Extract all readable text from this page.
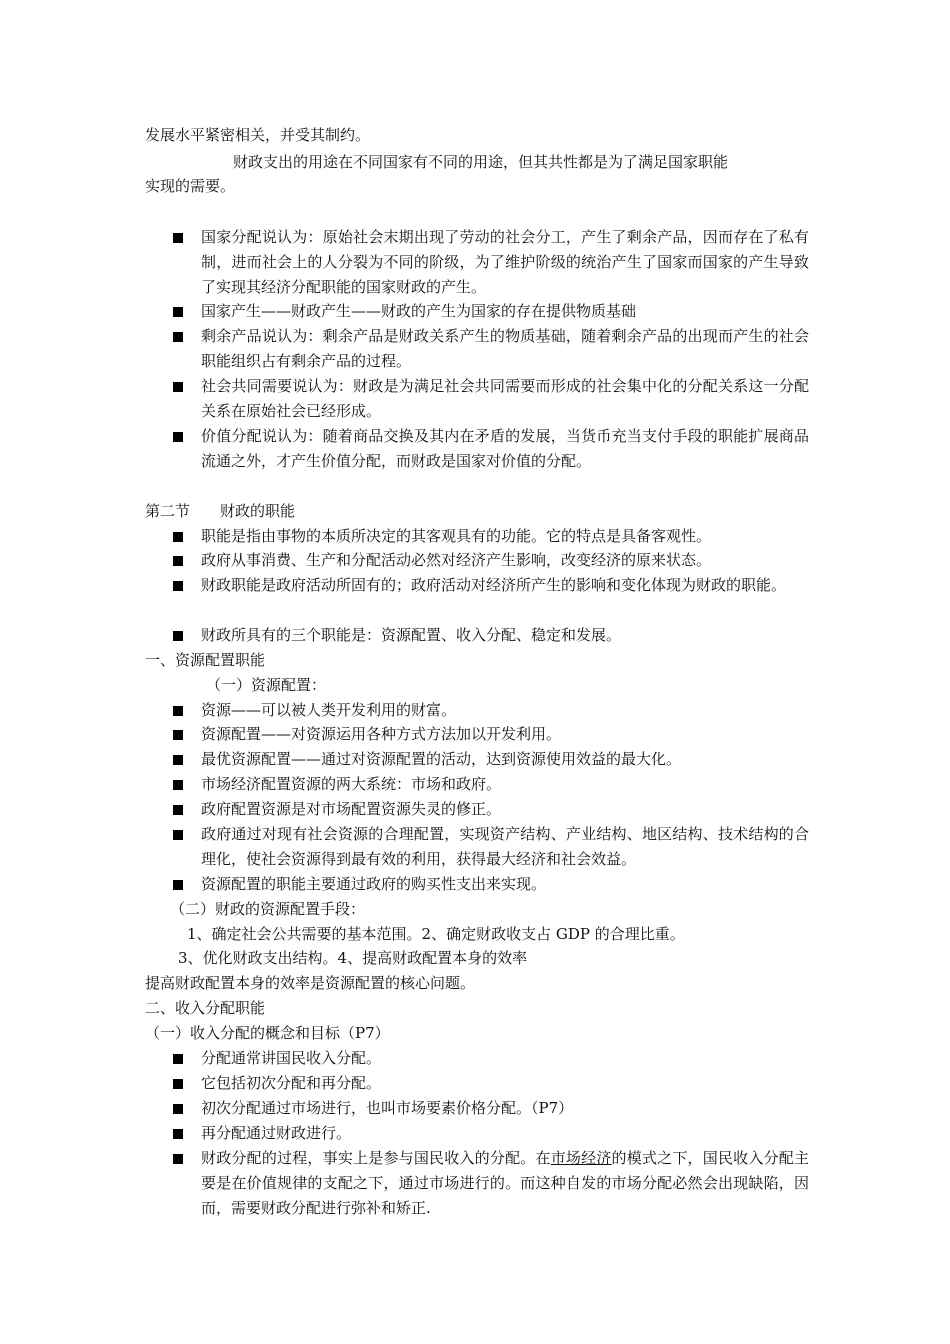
发展水平紧密相关，并受其制约。
财政支出的用途在不同国家有不同的用途，但其共性都是为了满足国家职能
实现的需要。
国家分配说认为：原始社会末期出现了劳动的社会分工，产生了剩余产品，因而存在了私有制，进而社会上的人分裂为不同的阶级，为了维护阶级的统治产生了国家而国家的产生导致了实现其经济分配职能的国家财政的产生。
国家产生——财政产生——财政的产生为国家的存在提供物质基础
剩余产品说认为：剩余产品是财政关系产生的物质基础，随着剩余产品的出现而产生的社会职能组织占有剩余产品的过程。
社会共同需要说认为：财政是为满足社会共同需要而形成的社会集中化的分配关系这一分配关系在原始社会已经形成。
价值分配说认为：随着商品交换及其内在矛盾的发展，当货币充当支付手段的职能扩展商品流通之外，才产生价值分配，而财政是国家对价值的分配。
第二节　　财政的职能
职能是指由事物的本质所决定的其客观具有的功能。它的特点是具备客观性。
政府从事消费、生产和分配活动必然对经济产生影响，改变经济的原来状态。
财政职能是政府活动所固有的；政府活动对经济所产生的影响和变化体现为财政的职能。
财政所具有的三个职能是：资源配置、收入分配、稳定和发展。
一、资源配置职能
（一）资源配置：
资源——可以被人类开发利用的财富。
资源配置——对资源运用各种方式方法加以开发利用。
最优资源配置——通过对资源配置的活动，达到资源使用效益的最大化。
市场经济配置资源的两大系统：市场和政府。
政府配置资源是对市场配置资源失灵的修正。
政府通过对现有社会资源的合理配置，实现资产结构、产业结构、地区结构、技术结构的合理化，使社会资源得到最有效的利用，获得最大经济和社会效益。
资源配置的职能主要通过政府的购买性支出来实现。
（二）财政的资源配置手段：
1、确定社会公共需要的基本范围。2、确定财政收支占 GDP 的合理比重。
3、优化财政支出结构。4、提高财政配置本身的效率
提高财政配置本身的效率是资源配置的核心问题。
二、收入分配职能
（一）收入分配的概念和目标（P7）
分配通常讲国民收入分配。
它包括初次分配和再分配。
初次分配通过市场进行，也叫市场要素价格分配。（P7）
再分配通过财政进行。
财政分配的过程，事实上是参与国民收入的分配。在市场经济的模式之下，国民收入分配主要是在价值规律的支配之下，通过市场进行的。而这种自发的市场分配必然会出现缺陷，因而，需要财政分配进行弥补和矫正.
